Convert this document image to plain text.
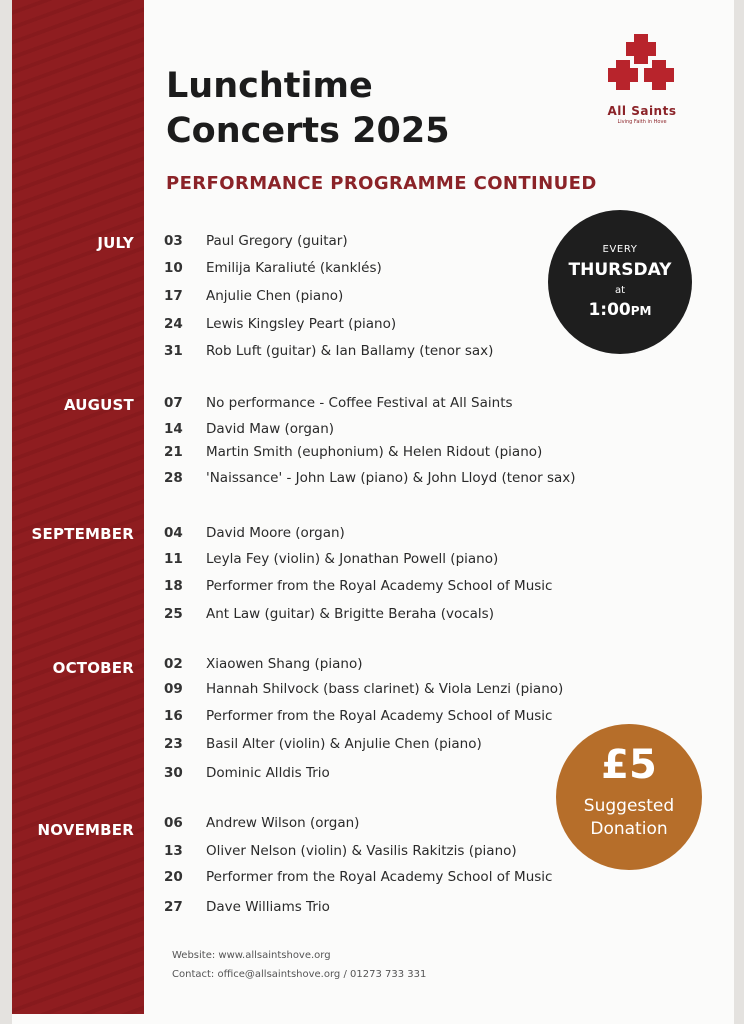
Lunchtime
Concerts 2025
PERFORMANCE PROGRAMME CONTINUED
All Saints
Living Faith in Hove
EVERY
THURSDAY
at
1:00PM
£5
Suggested
Donation
JULY 03 Paul Gregory (guitar)
10 Emilija Karaliuté (kanklés)
17 Anjulie Chen (piano)
24 Lewis Kingsley Peart (piano)
31 Rob Luft (guitar) & Ian Ballamy (tenor sax)
AUGUST 07 No performance - Coffee Festival at All Saints
14 David Maw (organ)
21 Martin Smith (euphonium) & Helen Ridout (piano)
28 'Naissance' - John Law (piano) & John Lloyd (tenor sax)
SEPTEMBER 04 David Moore (organ)
11 Leyla Fey (violin) & Jonathan Powell (piano)
18 Performer from the Royal Academy School of Music
25 Ant Law (guitar) & Brigitte Beraha (vocals)
OCTOBER 02 Xiaowen Shang (piano)
09 Hannah Shilvock (bass clarinet) & Viola Lenzi (piano)
16 Performer from the Royal Academy School of Music
23 Basil Alter (violin) & Anjulie Chen (piano)
30 Dominic Alldis Trio
NOVEMBER 06 Andrew Wilson (organ)
13 Oliver Nelson (violin) & Vasilis Rakitzis (piano)
20 Performer from the Royal Academy School of Music
27 Dave Williams Trio
Website: www.allsaintshove.org
Contact: office@allsaintshove.org / 01273 733 331
